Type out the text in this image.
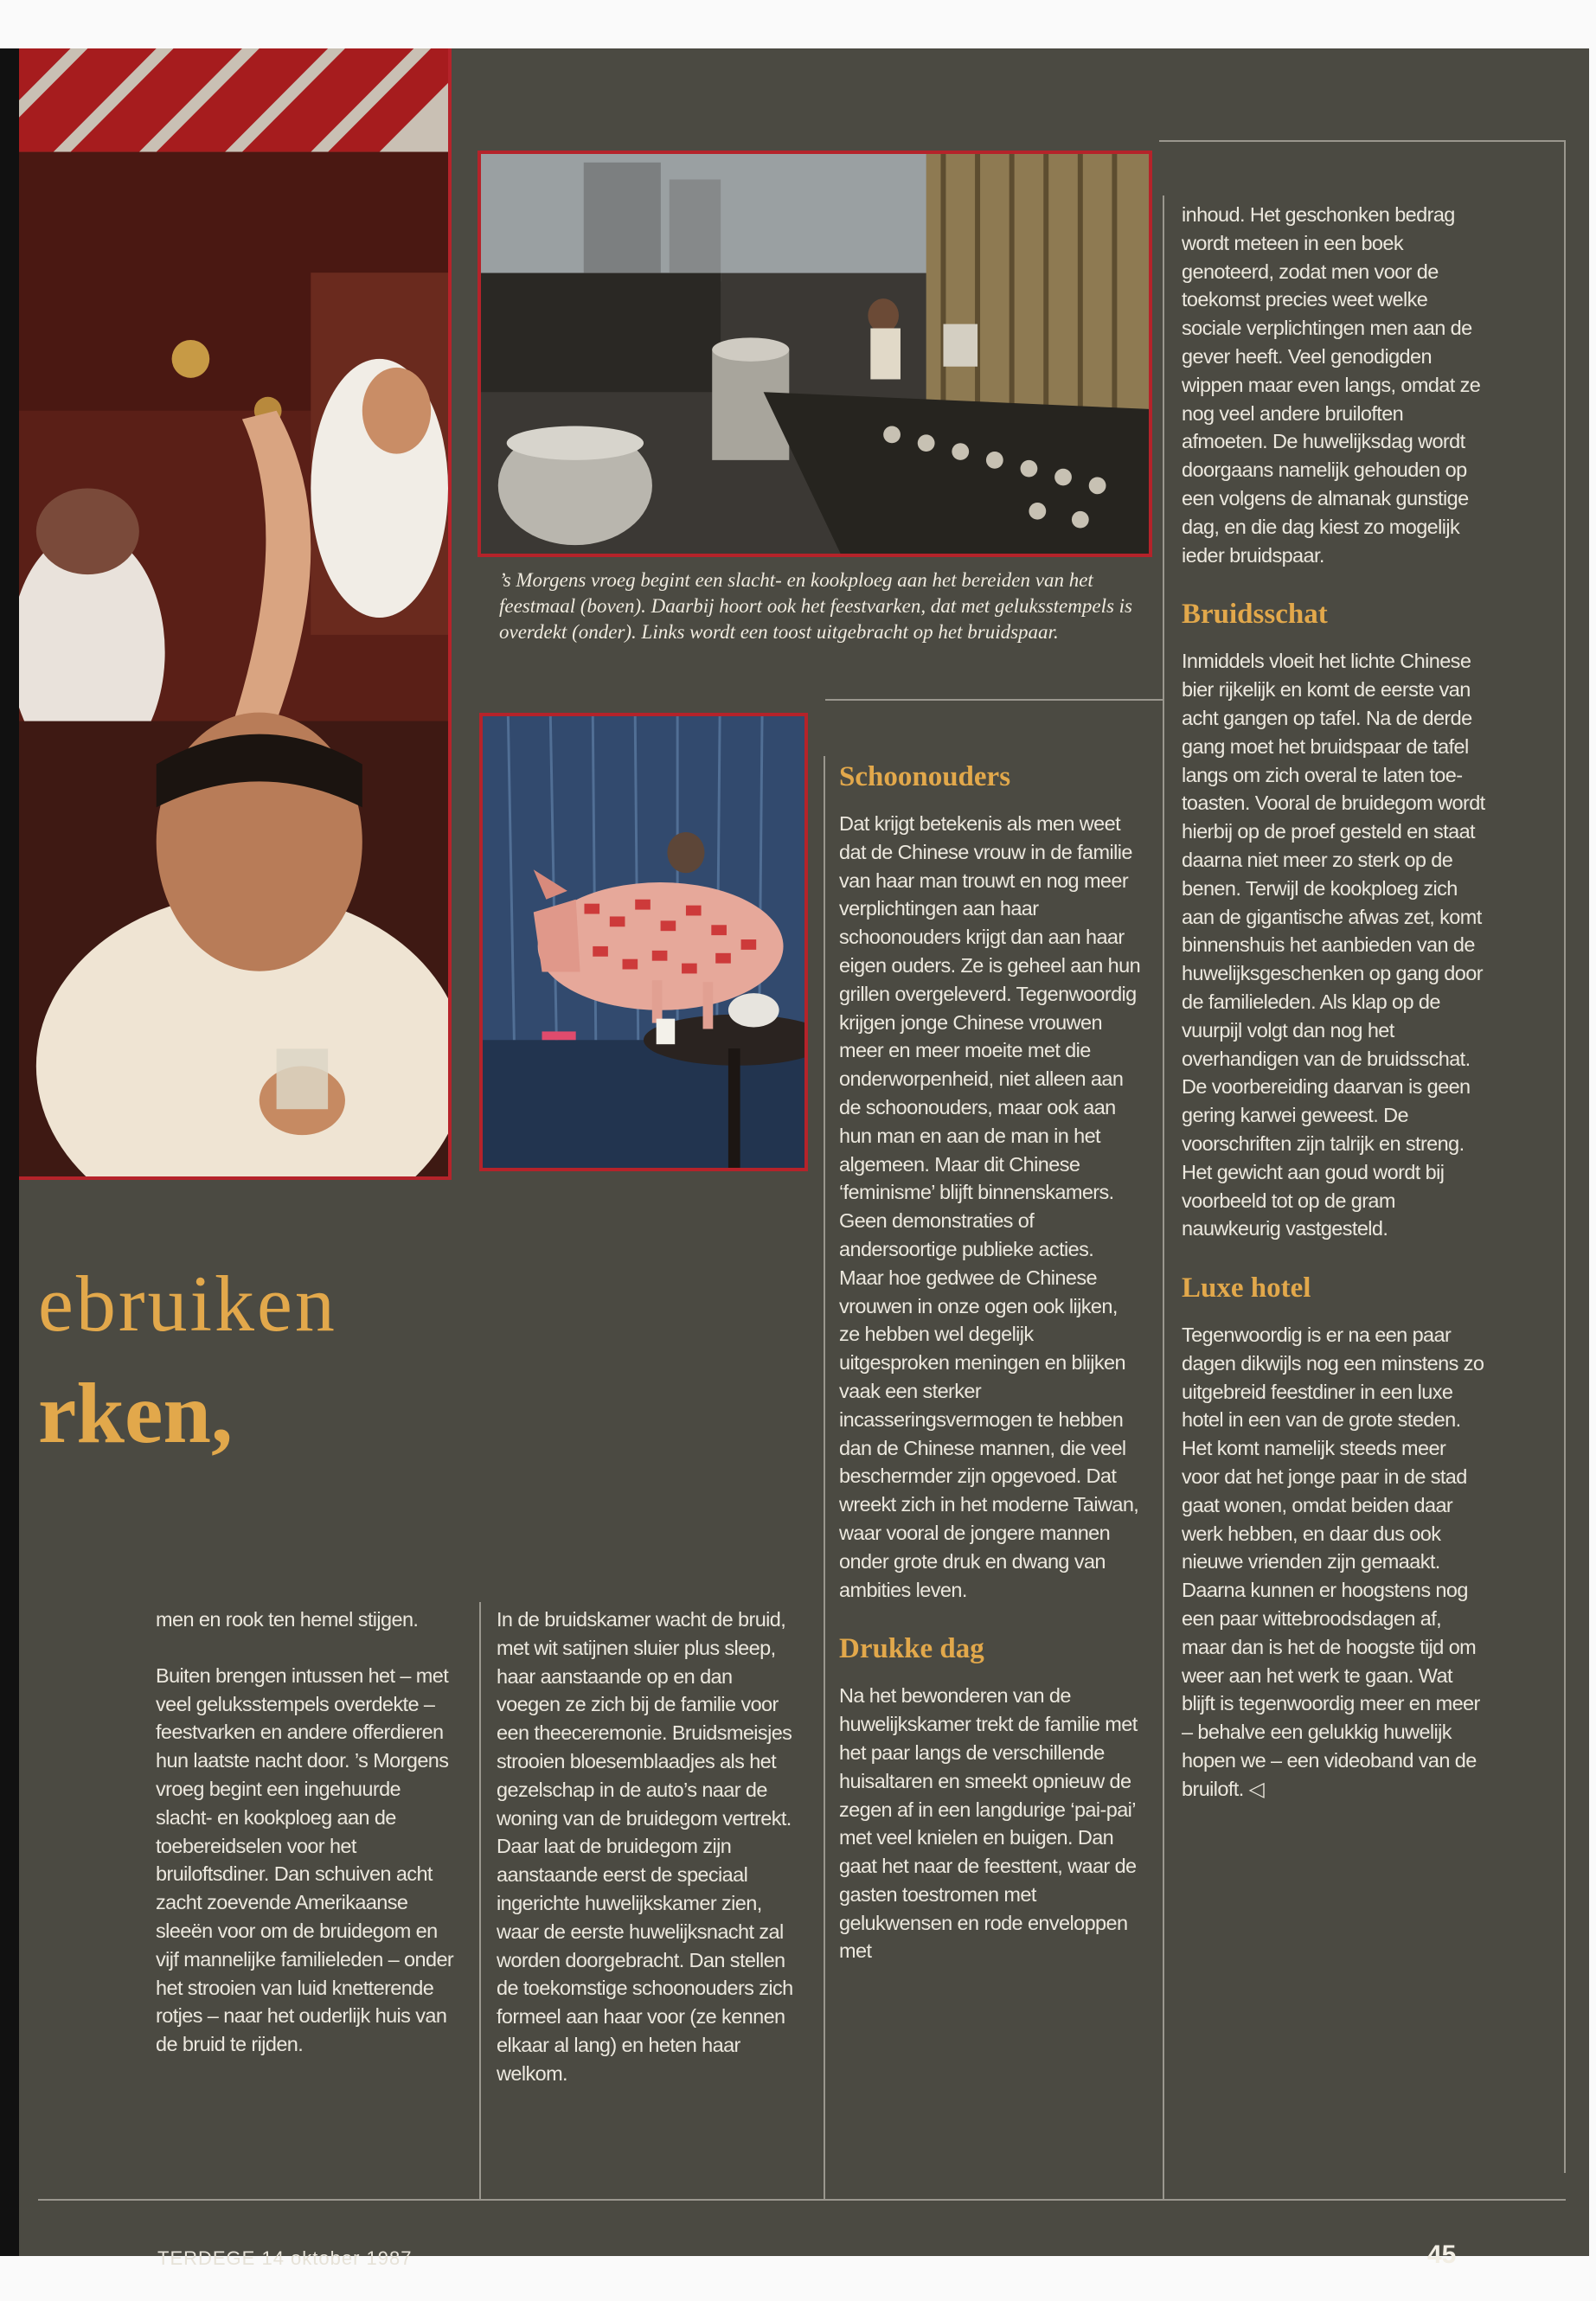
’s Morgens vroeg begint een slacht- en kookploeg aan het bereiden van het feestmaal (boven). Daarbij hoort ook het feestvarken, dat met geluksstempels is overdekt (onder). Links wordt een toost uitgebracht op het bruidspaar.
ebruiken
rken,

men en rook ten hemel stijgen.

Buiten brengen intussen het – met veel geluksstempels overdekte – feestvarken en andere offerdieren hun laatste nacht door. ’s Morgens vroeg begint een ingehuurde slacht- en kookploeg aan de toebereidselen voor het bruiloftsdiner. Dan schuiven acht zacht zoevende Amerikaanse sleeën voor om de bruidegom en vijf mannelijke familieleden – onder het strooien van luid knetterende rotjes – naar het ouderlijk huis van de bruid te rijden.

In de bruidskamer wacht de bruid, met wit satijnen sluier plus sleep, haar aanstaande op en dan voegen ze zich bij de familie voor een theeceremonie. Bruidsmeisjes strooien bloesemblaadjes als het gezelschap in de auto’s naar de woning van de bruidegom vertrekt. Daar laat de bruidegom zijn aanstaande eerst de speciaal ingerichte huwelijkskamer zien, waar de eerste huwelijksnacht zal worden doorgebracht. Dan stellen de toekomstige schoonouders zich formeel aan haar voor (ze kennen elkaar al lang) en heten haar welkom.

Schoonouders

Dat krijgt betekenis als men weet dat de Chinese vrouw in de familie van haar man trouwt en nog meer verplichtingen aan haar schoonouders krijgt dan aan haar eigen ouders. Ze is geheel aan hun grillen overgeleverd. Tegenwoordig krijgen jonge Chinese vrouwen meer en meer moeite met die onderworpenheid, niet alleen aan de schoonouders, maar ook aan hun man en aan de man in het algemeen. Maar dit Chinese ‘feminisme’ blijft binnenskamers. Geen demonstraties of andersoortige publieke acties. Maar hoe gedwee de Chinese vrouwen in onze ogen ook lijken, ze hebben wel degelijk uitgesproken meningen en blijken vaak een sterker incasseringsvermogen te hebben dan de Chinese mannen, die veel beschermder zijn opgevoed. Dat wreekt zich in het moderne Taiwan, waar vooral de jongere mannen onder grote druk en dwang van ambities leven.

Drukke dag

Na het bewonderen van de huwelijkskamer trekt de familie met het paar langs de verschillende huisaltaren en smeekt opnieuw de zegen af in een langdurige ‘pai-pai’ met veel knielen en buigen. Dan gaat het naar de feesttent, waar de gasten toestromen met gelukwensen en rode enveloppen met

inhoud. Het geschonken bedrag wordt meteen in een boek genoteerd, zodat men voor de toekomst precies weet welke sociale verplichtingen men aan de gever heeft. Veel genodigden wippen maar even langs, omdat ze nog veel andere bruiloften afmoeten. De huwelijksdag wordt doorgaans namelijk gehouden op een volgens de almanak gunstige dag, en die dag kiest zo mogelijk ieder bruidspaar.

Bruidsschat

Inmiddels vloeit het lichte Chinese bier rijkelijk en komt de eerste van acht gangen op tafel. Na de derde gang moet het bruidspaar de tafel langs om zich overal te laten toe-toasten. Vooral de bruidegom wordt hierbij op de proef gesteld en staat daarna niet meer zo sterk op de benen. Terwijl de kookploeg zich aan de gigantische afwas zet, komt binnenshuis het aanbieden van de huwelijksgeschenken op gang door de familieleden. Als klap op de vuurpijl volgt dan nog het overhandigen van de bruidsschat. De voorbereiding daarvan is geen gering karwei geweest. De voorschriften zijn talrijk en streng. Het gewicht aan goud wordt bij voorbeeld tot op de gram nauwkeurig vastgesteld.

Luxe hotel

Tegenwoordig is er na een paar dagen dikwijls nog een minstens zo uitgebreid feestdiner in een luxe hotel in een van de grote steden. Het komt namelijk steeds meer voor dat het jonge paar in de stad gaat wonen, omdat beiden daar werk hebben, en daar dus ook nieuwe vrienden zijn gemaakt. Daarna kunnen er hoogstens nog een paar wittebroodsdagen af, maar dan is het de hoogste tijd om weer aan het werk te gaan. Wat blijft is tegenwoordig meer en meer – behalve een gelukkig huwelijk hopen we – een videoband van de bruiloft. ◁

TERDEGE 14 oktober 1987	45
